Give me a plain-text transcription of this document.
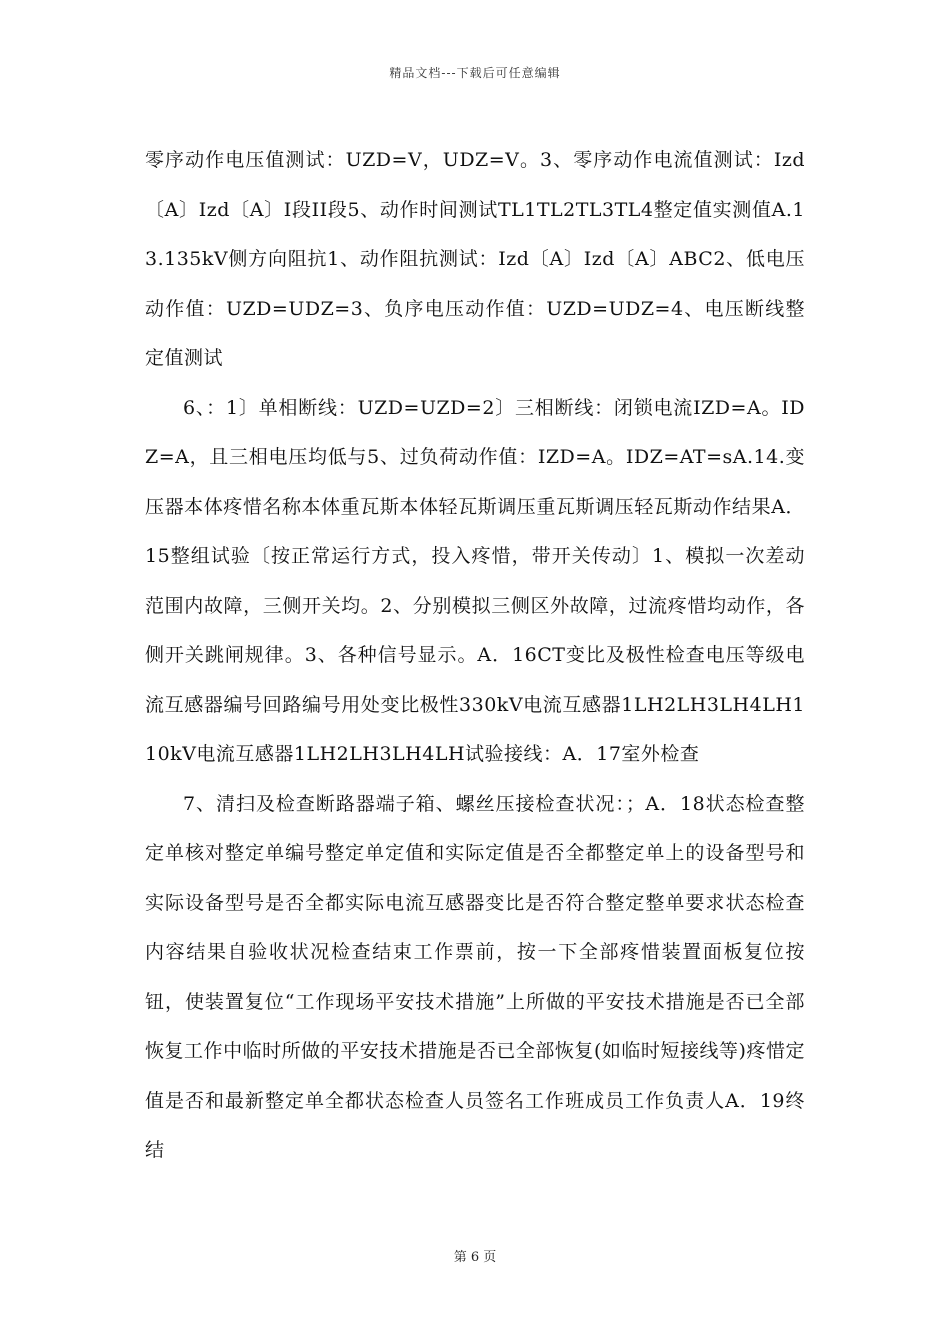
精品文档---下载后可任意编辑

零序动作电压值测试：UZD=V，UDZ=V。3、零序动作电流值测试：Izd〔A〕Izd〔A〕I段II段5、动作时间测试TL1TL2TL3TL4整定值实测值A.13.135kV侧方向阻抗1、动作阻抗测试：Izd〔A〕Izd〔A〕ABC2、低电压动作值：UZD=UDZ=3、负序电压动作值：UZD=UDZ=4、电压断线整定值测试

6、：1〕单相断线：UZD=UZD=2〕三相断线：闭锁电流IZD=A。IDZ=A，且三相电压均低与5、过负荷动作值：IZD=A。IDZ=AT=sA.14.变压器本体疼惜名称本体重瓦斯本体轻瓦斯调压重瓦斯调压轻瓦斯动作结果A．15整组试验〔按正常运行方式，投入疼惜，带开关传动〕1、模拟一次差动范围内故障，三侧开关均。2、分别模拟三侧区外故障，过流疼惜均动作，各侧开关跳闸规律。3、各种信号显示。A．16CT变比及极性检查电压等级电流互感器编号回路编号用处变比极性330kV电流互感器1LH2LH3LH4LH110kV电流互感器1LH2LH3LH4LH试验接线：A．17室外检查

7、清扫及检查断路器端子箱、螺丝压接检查状况：；A．18状态检查整定单核对整定单编号整定单定值和实际定值是否全都整定单上的设备型号和实际设备型号是否全都实际电流互感器变比是否符合整定整单要求状态检查内容结果自验收状况检查结束工作票前，按一下全部疼惜装置面板复位按钮，使装置复位“工作现场平安技术措施”上所做的平安技术措施是否已全部恢复工作中临时所做的平安技术措施是否已全部恢复(如临时短接线等)疼惜定值是否和最新整定单全都状态检查人员签名工作班成员工作负责人A．19终结

第 6 页
